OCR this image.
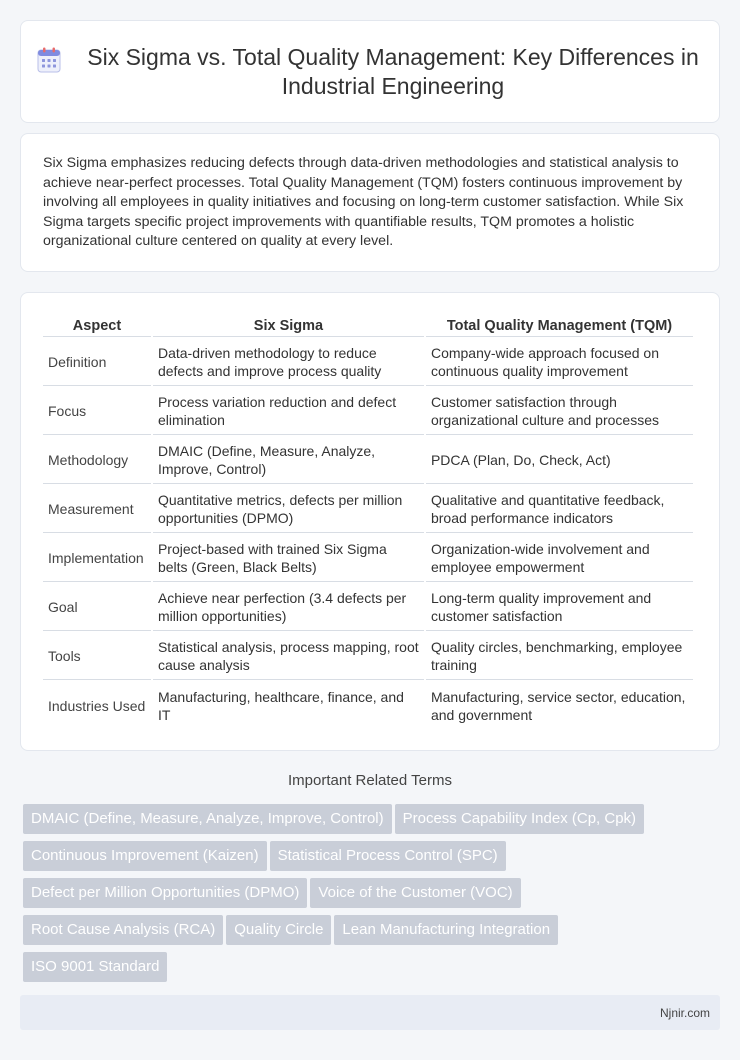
Six Sigma vs. Total Quality Management: Key Differences in Industrial Engineering

Six Sigma emphasizes reducing defects through data-driven methodologies and statistical analysis to achieve near-perfect processes. Total Quality Management (TQM) fosters continuous improvement by involving all employees in quality initiatives and focusing on long-term customer satisfaction. While Six Sigma targets specific project improvements with quantifiable results, TQM promotes a holistic organizational culture centered on quality at every level.

Aspect	Six Sigma	Total Quality Management (TQM)
Definition	Data-driven methodology to reduce defects and improve process quality	Company-wide approach focused on continuous quality improvement
Focus	Process variation reduction and defect elimination	Customer satisfaction through organizational culture and processes
Methodology	DMAIC (Define, Measure, Analyze, Improve, Control)	PDCA (Plan, Do, Check, Act)
Measurement	Quantitative metrics, defects per million opportunities (DPMO)	Qualitative and quantitative feedback, broad performance indicators
Implementation	Project-based with trained Six Sigma belts (Green, Black Belts)	Organization-wide involvement and employee empowerment
Goal	Achieve near perfection (3.4 defects per million opportunities)	Long-term quality improvement and customer satisfaction
Tools	Statistical analysis, process mapping, root cause analysis	Quality circles, benchmarking, employee training
Industries Used	Manufacturing, healthcare, finance, and IT	Manufacturing, service sector, education, and government
Important Related Terms
DMAIC (Define, Measure, Analyze, Improve, Control) Process Capability Index (Cp, Cpk)
Continuous Improvement (Kaizen) Statistical Process Control (SPC)
Defect per Million Opportunities (DPMO) Voice of the Customer (VOC)
Root Cause Analysis (RCA) Quality Circle Lean Manufacturing Integration
ISO 9001 Standard
Njnir.com
